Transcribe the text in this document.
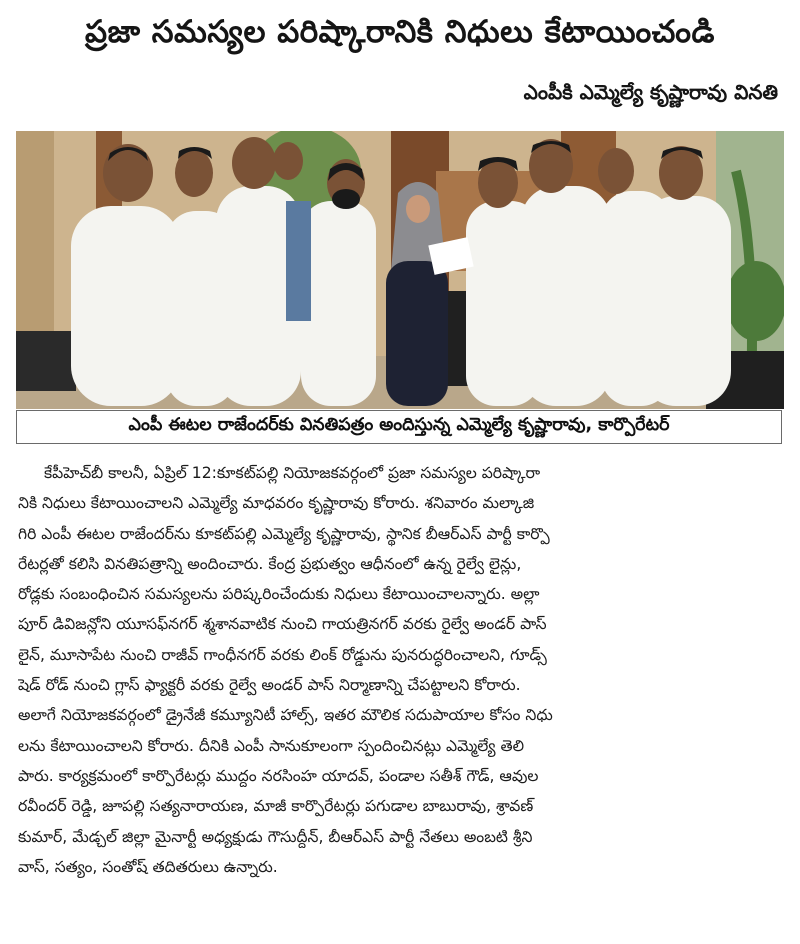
ప్రజా సమస్యల పరిష్కారానికి నిధులు కేటాయించండి
ఎంపీకి ఎమ్మెల్యే కృష్ణారావు వినతి
ఎంపీ ఈటల రాజేందర్‌కు వినతిపత్రం అందిస్తున్న ఎమ్మెల్యే కృష్ణారావు, కార్పొరేటర్
కేపీహెచ్‌బీ కాలనీ, ఏప్రిల్ 12:కూకట్‌పల్లి నియోజకవర్గంలో ప్రజా సమస్యల పరిష్కారా
నికి నిధులు కేటాయించాలని ఎమ్మెల్యే మాధవరం కృష్ణారావు కోరారు. శనివారం మల్కాజి
గిరి ఎంపీ ఈటల రాజేందర్‌ను కూకట్‌పల్లి ఎమ్మెల్యే కృష్ణారావు, స్థానిక బీఆర్ఎస్ పార్టీ కార్పొ
రేటర్లతో కలిసి వినతిపత్రాన్ని అందించారు. కేంద్ర ప్రభుత్వం ఆధీనంలో ఉన్న రైల్వే లైన్లు,
రోడ్లకు సంబంధించిన సమస్యలను పరిష్కరించేందుకు నిధులు కేటాయించాలన్నారు. అల్లా
పూర్ డివిజన్లోని యూసఫ్‌నగర్ శ్మశానవాటిక నుంచి గాయత్రినగర్ వరకు రైల్వే అండర్ పాస్
లైన్, మూసాపేట నుంచి రాజీవ్ గాంధీనగర్ వరకు లింక్ రోడ్డును పునరుద్ధరించాలని, గూడ్స్
షెడ్ రోడ్ నుంచి గ్లాస్ ఫ్యాక్టరీ వరకు రైల్వే అండర్ పాస్ నిర్మాణాన్ని చేపట్టాలని కోరారు.
అలాగే నియోజకవర్గంలో డ్రైనేజీ కమ్యూనిటీ హాల్స్, ఇతర మౌలిక సదుపాయాల కోసం నిధు
లను కేటాయించాలని కోరారు. దీనికి ఎంపీ సానుకూలంగా స్పందించినట్లు ఎమ్మెల్యే తెలి
పారు. కార్యక్రమంలో కార్పొరేటర్లు ముద్దం నరసింహ యాదవ్, పండాల సతీశ్ గౌడ్, ఆవుల
రవీందర్ రెడ్డి, జూపల్లి సత్యనారాయణ, మాజీ కార్పొరేటర్లు పగుడాల బాబురావు, శ్రావణ్
కుమార్, మేడ్చల్ జిల్లా మైనార్టీ అధ్యక్షుడు గౌసుద్దీన్, బీఆర్ఎస్ పార్టీ నేతలు అంబటి శ్రీని
వాస్, సత్యం, సంతోష్ తదితరులు ఉన్నారు.
